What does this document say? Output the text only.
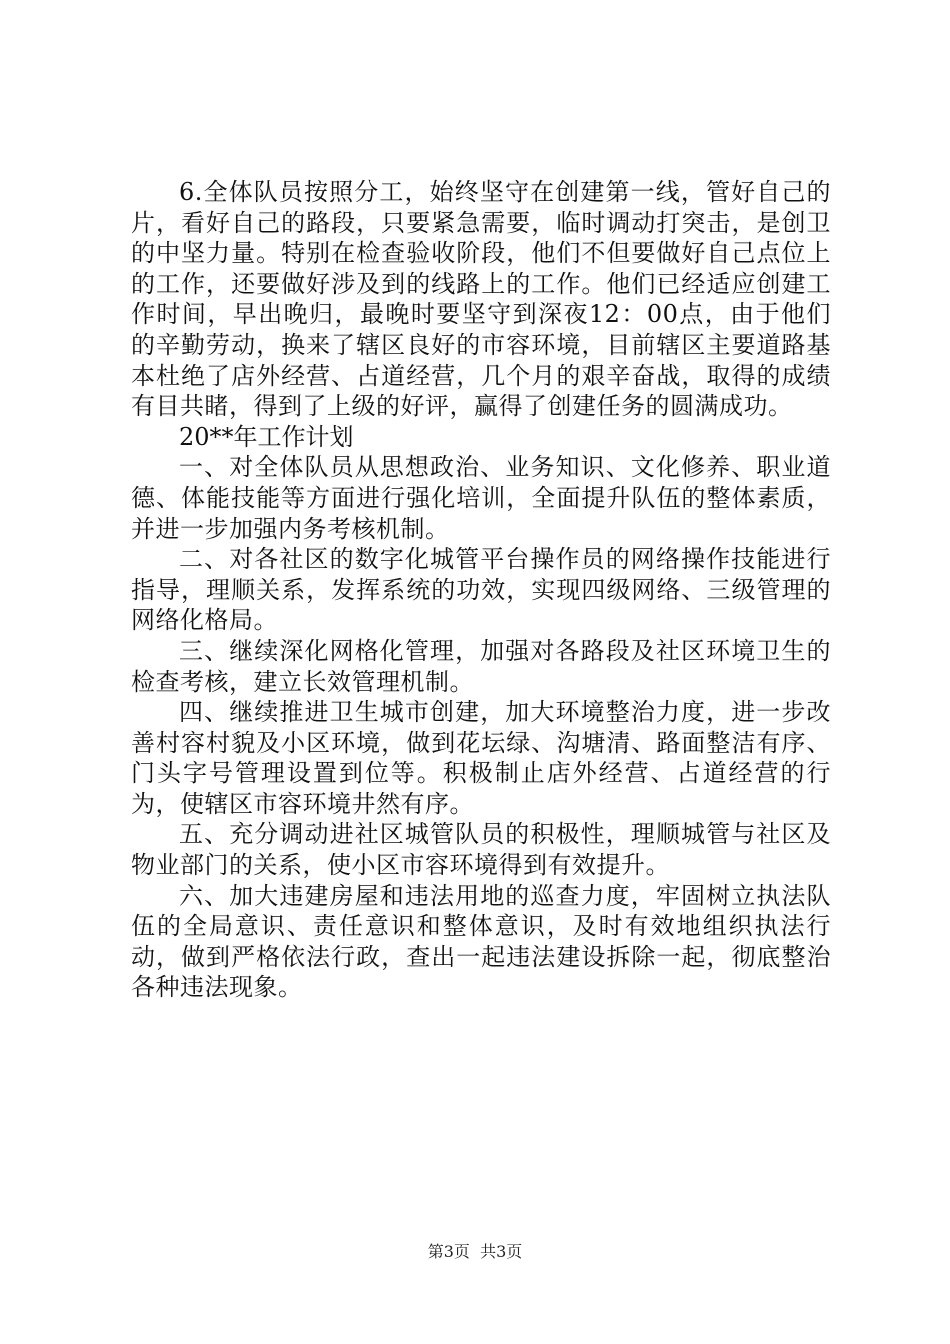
6.全体队员按照分工，始终坚守在创建第一线，管好自己的片，看好自己的路段，只要紧急需要，临时调动打突击，是创卫的中坚力量。特别在检查验收阶段，他们不但要做好自己点位上的工作，还要做好涉及到的线路上的工作。他们已经适应创建工作时间，早出晚归，最晚时要坚守到深夜12：00点，由于他们的辛勤劳动，换来了辖区良好的市容环境，目前辖区主要道路基本杜绝了店外经营、占道经营，几个月的艰辛奋战，取得的成绩有目共睹，得到了上级的好评，赢得了创建任务的圆满成功。

20**年工作计划

一、对全体队员从思想政治、业务知识、文化修养、职业道德、体能技能等方面进行强化培训，全面提升队伍的整体素质，并进一步加强内务考核机制。

二、对各社区的数字化城管平台操作员的网络操作技能进行指导，理顺关系，发挥系统的功效，实现四级网络、三级管理的网络化格局。

三、继续深化网格化管理，加强对各路段及社区环境卫生的检查考核，建立长效管理机制。

四、继续推进卫生城市创建，加大环境整治力度，进一步改善村容村貌及小区环境，做到花坛绿、沟塘清、路面整洁有序、门头字号管理设置到位等。积极制止店外经营、占道经营的行为，使辖区市容环境井然有序。

五、充分调动进社区城管队员的积极性，理顺城管与社区及物业部门的关系，使小区市容环境得到有效提升。

六、加大违建房屋和违法用地的巡查力度，牢固树立执法队伍的全局意识、责任意识和整体意识，及时有效地组织执法行动，做到严格依法行政，查出一起违法建设拆除一起，彻底整治各种违法现象。

第3页  共3页
